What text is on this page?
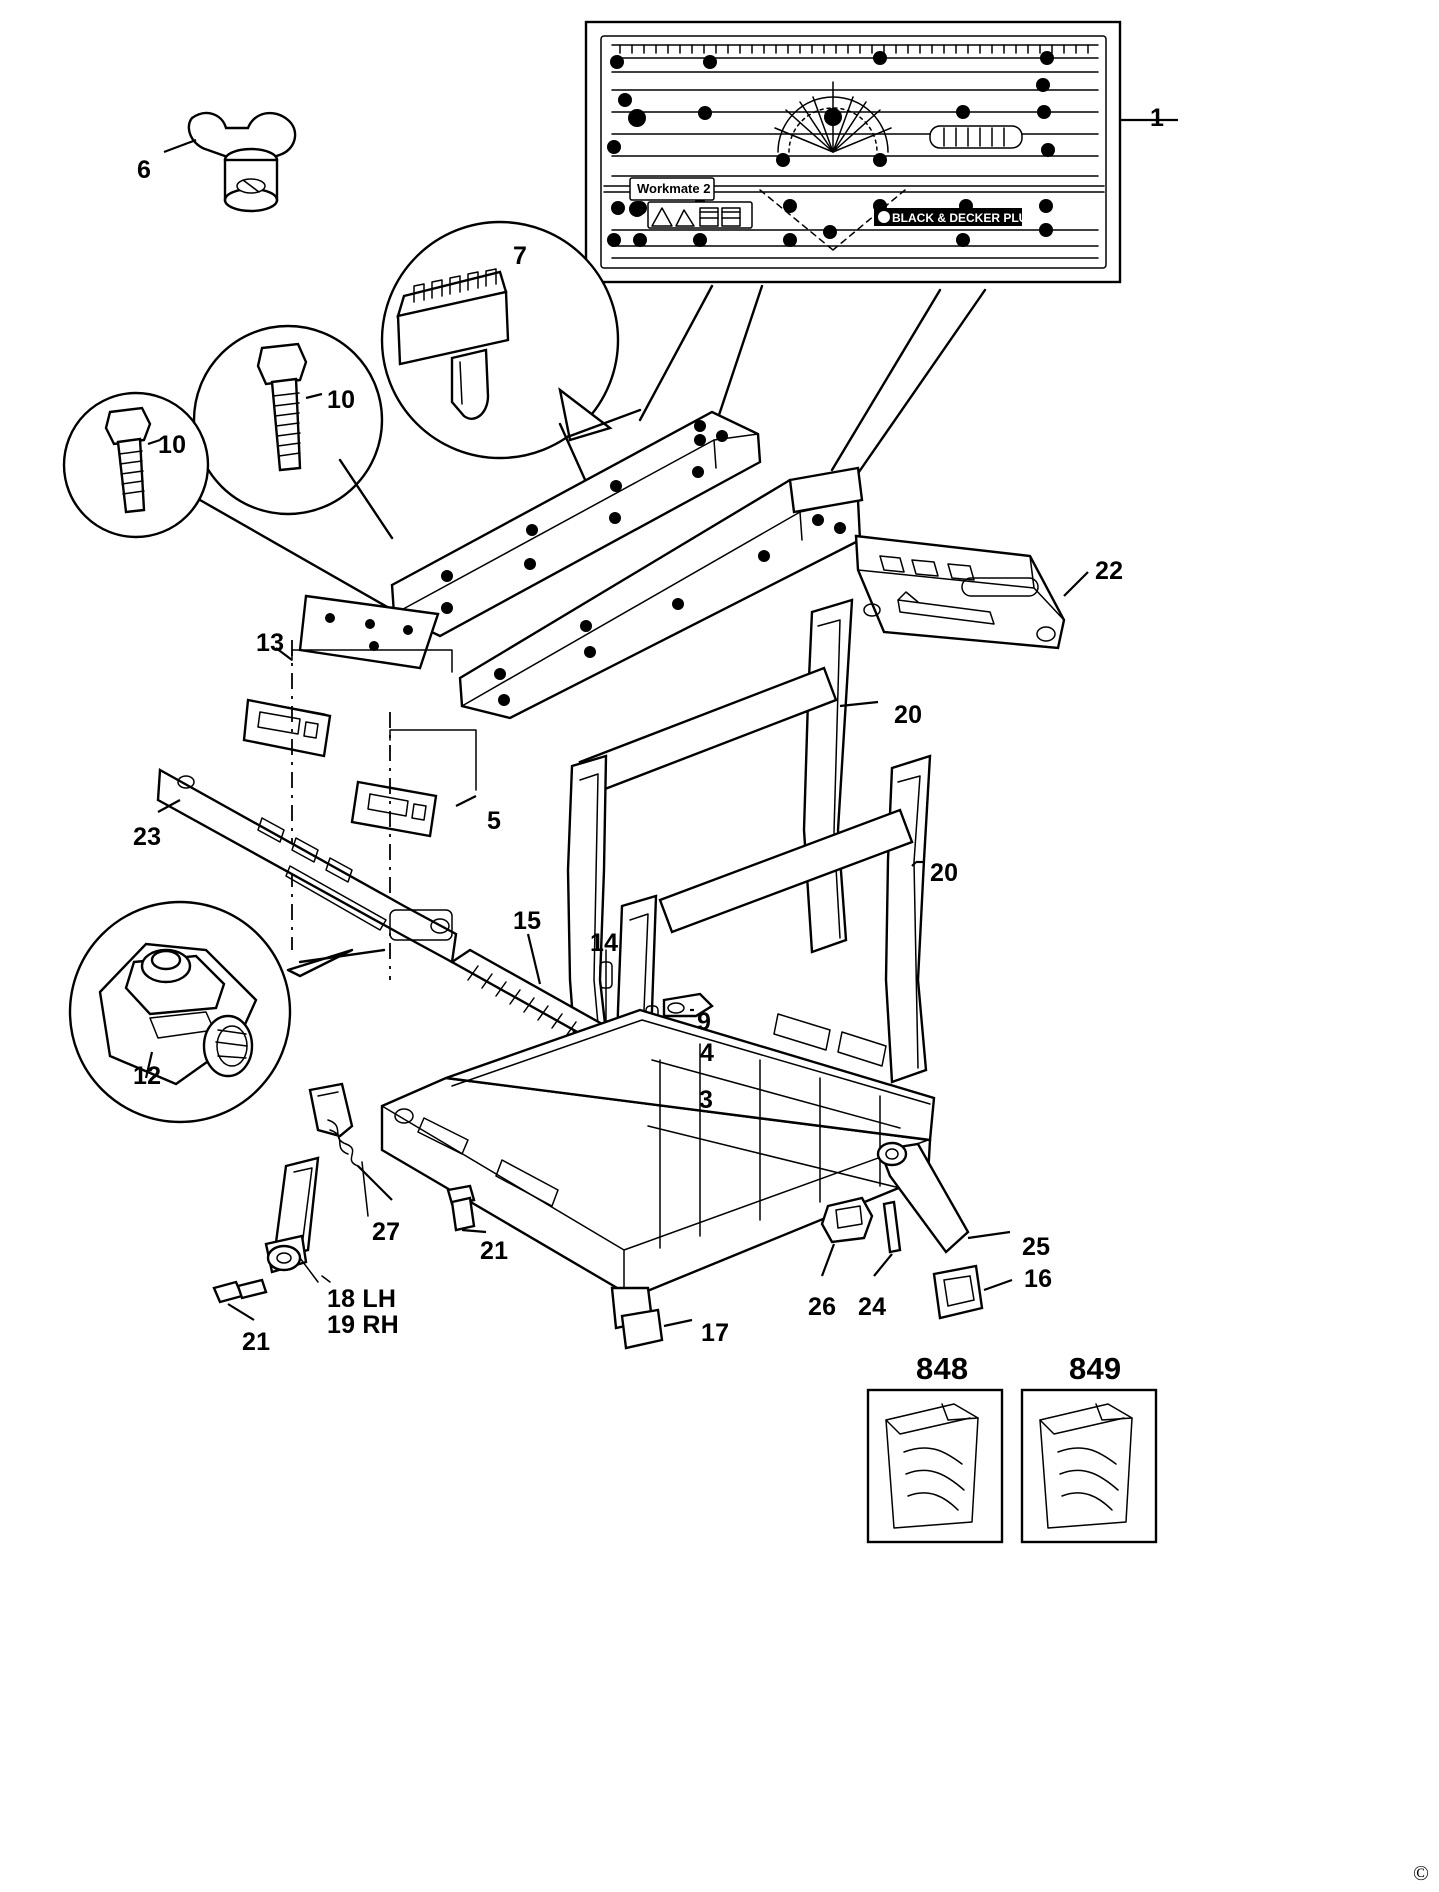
Workmate 2
BLACK & DECKER PLUS
1
6
7
10
10
22
13
20
5
23
20
15
14
9
4
12
3
27
25
21
16
26 24
18 LH
19 RH
21	17
848	849
©
